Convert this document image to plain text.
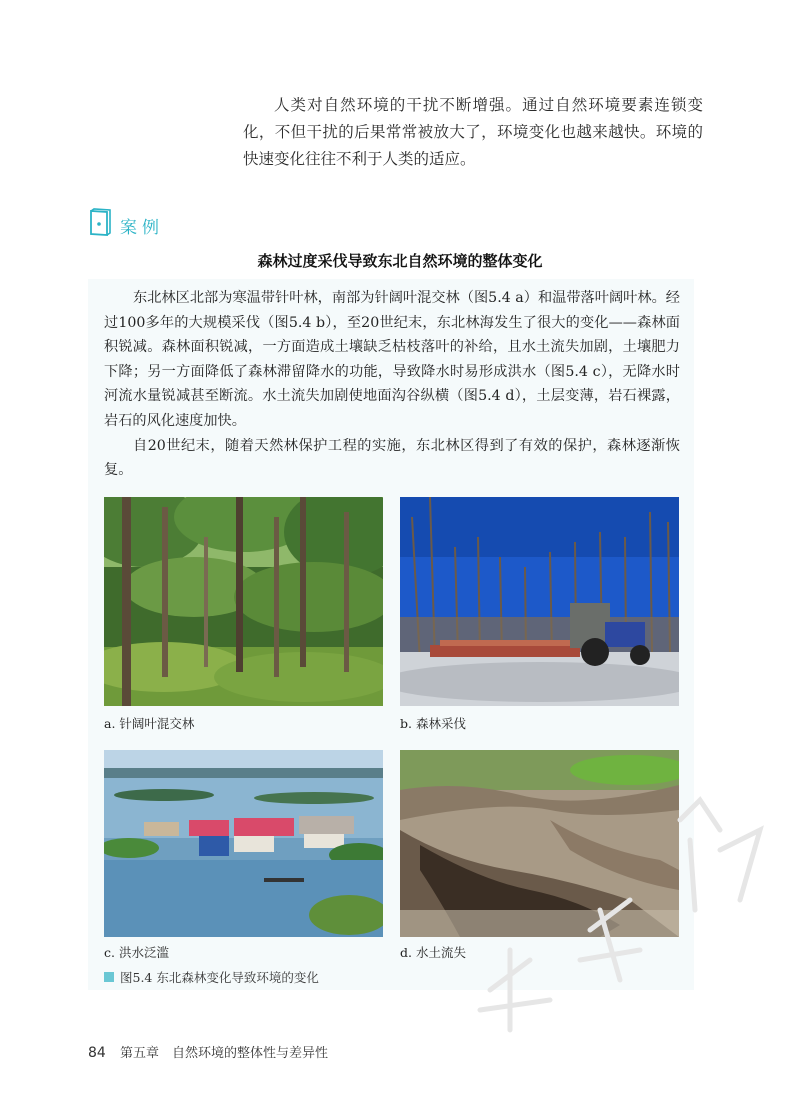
人类对自然环境的干扰不断增强。通过自然环境要素连锁变化，不但干扰的后果常常被放大了，环境变化也越来越快。环境的快速变化往往不利于人类的适应。

案例
森林过度采伐导致东北自然环境的整体变化

东北林区北部为寒温带针叶林，南部为针阔叶混交林（图5.4 a）和温带落叶阔叶林。经过100多年的大规模采伐（图5.4 b），至20世纪末，东北林海发生了很大的变化——森林面积锐减。森林面积锐减，一方面造成土壤缺乏枯枝落叶的补给，且水土流失加剧，土壤肥力下降；另一方面降低了森林滞留降水的功能，导致降水时易形成洪水（图5.4 c），无降水时河流水量锐减甚至断流。水土流失加剧使地面沟谷纵横（图5.4 d），土层变薄，岩石裸露，岩石的风化速度加快。

自20世纪末，随着天然林保护工程的实施，东北林区得到了有效的保护，森林逐渐恢复。

a. 针阔叶混交林	b. 森林采伐
c. 洪水泛滥	d. 水土流失
图5.4 东北森林变化导致环境的变化
84 第五章　自然环境的整体性与差异性
